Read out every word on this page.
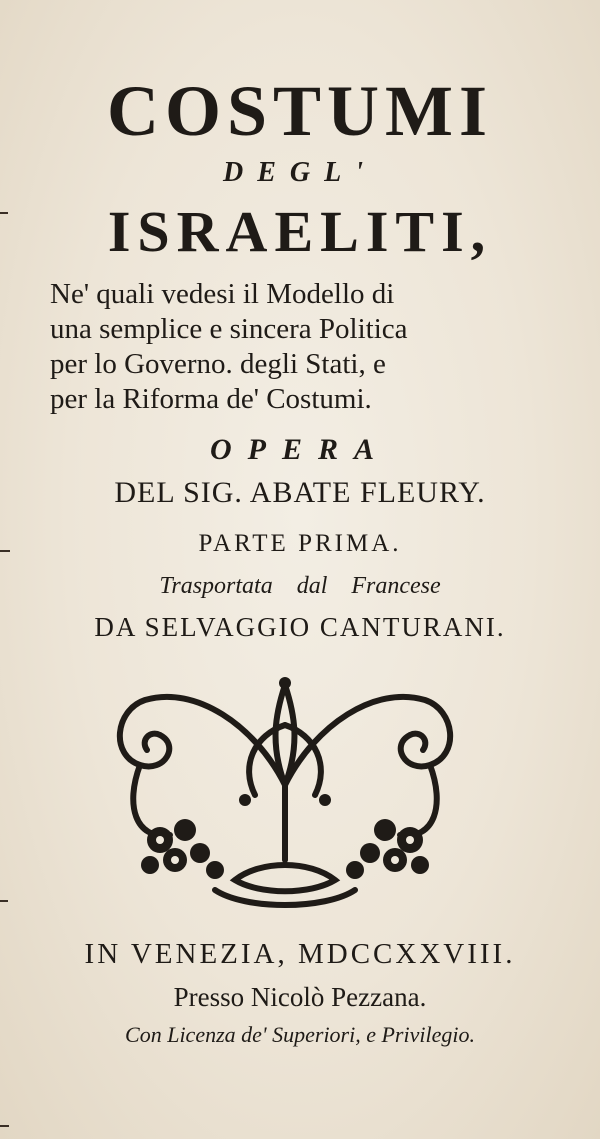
COSTUMI
DEGL'
ISRAELITI,
Ne' quali vedesi il Modello di
una semplice e sincera Politica
per lo Governo. degli Stati, e
per la Riforma de' Costumi.
OPERA
DEL SIG. ABATE FLEURY.
PARTE PRIMA.
Trasportata dal Francese
DA SELVAGGIO CANTURANI.
IN VENEZIA, MDCCXXVIII.
Presso Nicolò Pezzana.
Con Licenza de' Superiori, e Privilegio.
